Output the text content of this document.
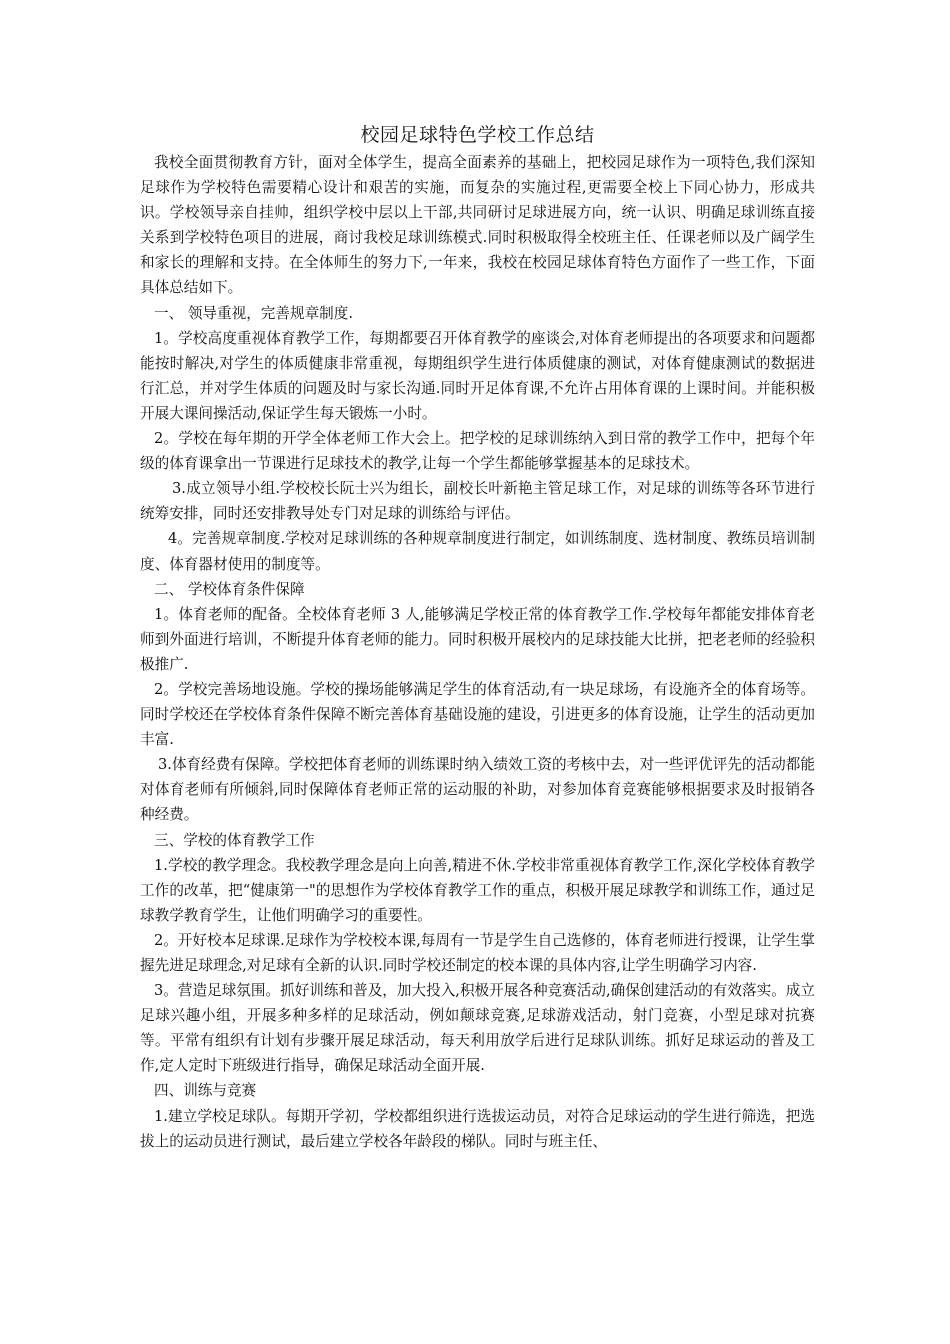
校园足球特色学校工作总结

我校全面贯彻教育方针，面对全体学生，提高全面素养的基础上，把校园足球作为一项特色,我们深知足球作为学校特色需要精心设计和艰苦的实施，而复杂的实施过程,更需要全校上下同心协力，形成共识。学校领导亲自挂帅，组织学校中层以上干部,共同研讨足球进展方向，统一认识、明确足球训练直接关系到学校特色项目的进展，商讨我校足球训练模式.同时积极取得全校班主任、任课老师以及广阔学生和家长的理解和支持。在全体师生的努力下,一年来，我校在校园足球体育特色方面作了一些工作，下面具体总结如下。

一、 领导重视，完善规章制度.

1。学校高度重视体育教学工作，每期都要召开体育教学的座谈会,对体育老师提出的各项要求和问题都能按时解决,对学生的体质健康非常重视，每期组织学生进行体质健康的测试，对体育健康测试的数据进行汇总，并对学生体质的问题及时与家长沟通.同时开足体育课,不允许占用体育课的上课时间。并能积极开展大课间操活动,保证学生每天锻炼一小时。

2。学校在每年期的开学全体老师工作大会上。把学校的足球训练纳入到日常的教学工作中，把每个年级的体育课拿出一节课进行足球技术的教学,让每一个学生都能够掌握基本的足球技术。

3.成立领导小组.学校校长阮士兴为组长，副校长叶新艳主管足球工作，对足球的训练等各环节进行统筹安排，同时还安排教导处专门对足球的训练给与评估。

4。完善规章制度.学校对足球训练的各种规章制度进行制定，如训练制度、选材制度、教练员培训制度、体育器材使用的制度等。

二、 学校体育条件保障

1。体育老师的配备。全校体育老师 3 人,能够满足学校正常的体育教学工作.学校每年都能安排体育老师到外面进行培训，不断提升体育老师的能力。同时积极开展校内的足球技能大比拼，把老老师的经验积极推广.

2。学校完善场地设施。学校的操场能够满足学生的体育活动,有一块足球场，有设施齐全的体育场等。同时学校还在学校体育条件保障不断完善体育基础设施的建设，引进更多的体育设施，让学生的活动更加丰富.

3.体育经费有保障。学校把体育老师的训练课时纳入绩效工资的考核中去，对一些评优评先的活动都能对体育老师有所倾斜,同时保障体育老师正常的运动服的补助，对参加体育竞赛能够根据要求及时报销各种经费。

三、学校的体育教学工作

1.学校的教学理念。我校教学理念是向上向善,精进不休.学校非常重视体育教学工作,深化学校体育教学工作的改革，把“健康第一"的思想作为学校体育教学工作的重点，积极开展足球教学和训练工作，通过足球教学教育学生，让他们明确学习的重要性。

2。开好校本足球课.足球作为学校校本课,每周有一节是学生自己选修的，体育老师进行授课，让学生掌握先进足球理念,对足球有全新的认识.同时学校还制定的校本课的具体内容,让学生明确学习内容.

3。营造足球氛围。抓好训练和普及，加大投入,积极开展各种竞赛活动,确保创建活动的有效落实。成立足球兴趣小组，开展多种多样的足球活动，例如颠球竞赛,足球游戏活动，射门竞赛，小型足球对抗赛等。平常有组织有计划有步骤开展足球活动，每天利用放学后进行足球队训练。抓好足球运动的普及工作,定人定时下班级进行指导，确保足球活动全面开展.

四、训练与竞赛

1.建立学校足球队。每期开学初，学校都组织进行选拔运动员，对符合足球运动的学生进行筛选，把选拔上的运动员进行测试，最后建立学校各年龄段的梯队。同时与班主任、
